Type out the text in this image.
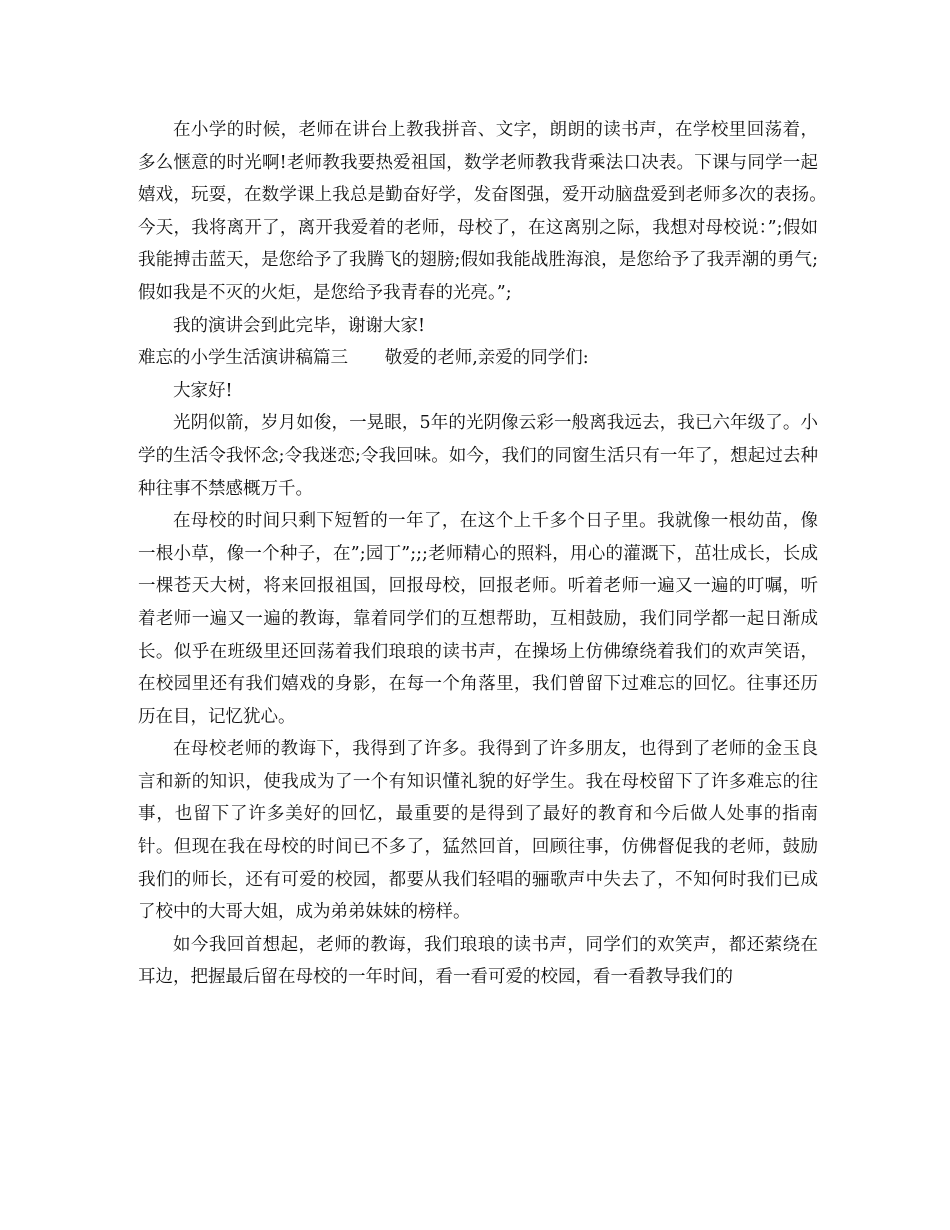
在小学的时候，老师在讲台上教我拼音、文字，朗朗的读书声，在学校里回荡着，多么惬意的时光啊!老师教我要热爱祖国，数学老师教我背乘法口决表。下课与同学一起嬉戏，玩耍，在数学课上我总是勤奋好学，发奋图强，爱开动脑盘爱到老师多次的表扬。　今天，我将离开了，离开我爱着的老师，母校了，在这离别之际，我想对母校说：”;假如我能搏击蓝天，是您给予了我腾飞的翅膀;假如我能战胜海浪，是您给予了我弄潮的勇气;假如我是不灭的火炬，是您给予我青春的光亮。”;

我的演讲会到此完毕，谢谢大家!

难忘的小学生活演讲稿篇三 敬爱的老师,亲爱的同学们:

大家好!

光阴似箭，岁月如俊，一晃眼，5年的光阴像云彩一般离我远去，我已六年级了。小学的生活令我怀念;令我迷恋;令我回味。如今，我们的同窗生活只有一年了，想起过去种种往事不禁感概万千。

在母校的时间只剩下短暂的一年了，在这个上千多个日子里。我就像一根幼苗，像一根小草，像一个种子，在”;园丁”;;;老师精心的照料，用心的灌溉下，茁壮成长，长成一棵苍天大树，将来回报祖国，回报母校，回报老师。听着老师一遍又一遍的叮嘱，听着老师一遍又一遍的教诲，靠着同学们的互想帮助，互相鼓励，我们同学都一起日渐成长。似乎在班级里还回荡着我们琅琅的读书声，在操场上仿佛缭绕着我们的欢声笑语，在校园里还有我们嬉戏的身影，在每一个角落里，我们曾留下过难忘的回忆。往事还历历在目，记忆犹心。

在母校老师的教诲下，我得到了许多。我得到了许多朋友，也得到了老师的金玉良言和新的知识，使我成为了一个有知识懂礼貌的好学生。我在母校留下了许多难忘的往事，也留下了许多美好的回忆，最重要的是得到了最好的教育和今后做人处事的指南针。但现在我在母校的时间已不多了，猛然回首，回顾往事，仿佛督促我的老师，鼓励我们的师长，还有可爱的校园，都要从我们轻唱的骊歌声中失去了，不知何时我们已成了校中的大哥大姐，成为弟弟妹妹的榜样。

如今我回首想起，老师的教诲，我们琅琅的读书声，同学们的欢笑声，都还萦绕在耳边，把握最后留在母校的一年时间，看一看可爱的校园，看一看教导我们的
